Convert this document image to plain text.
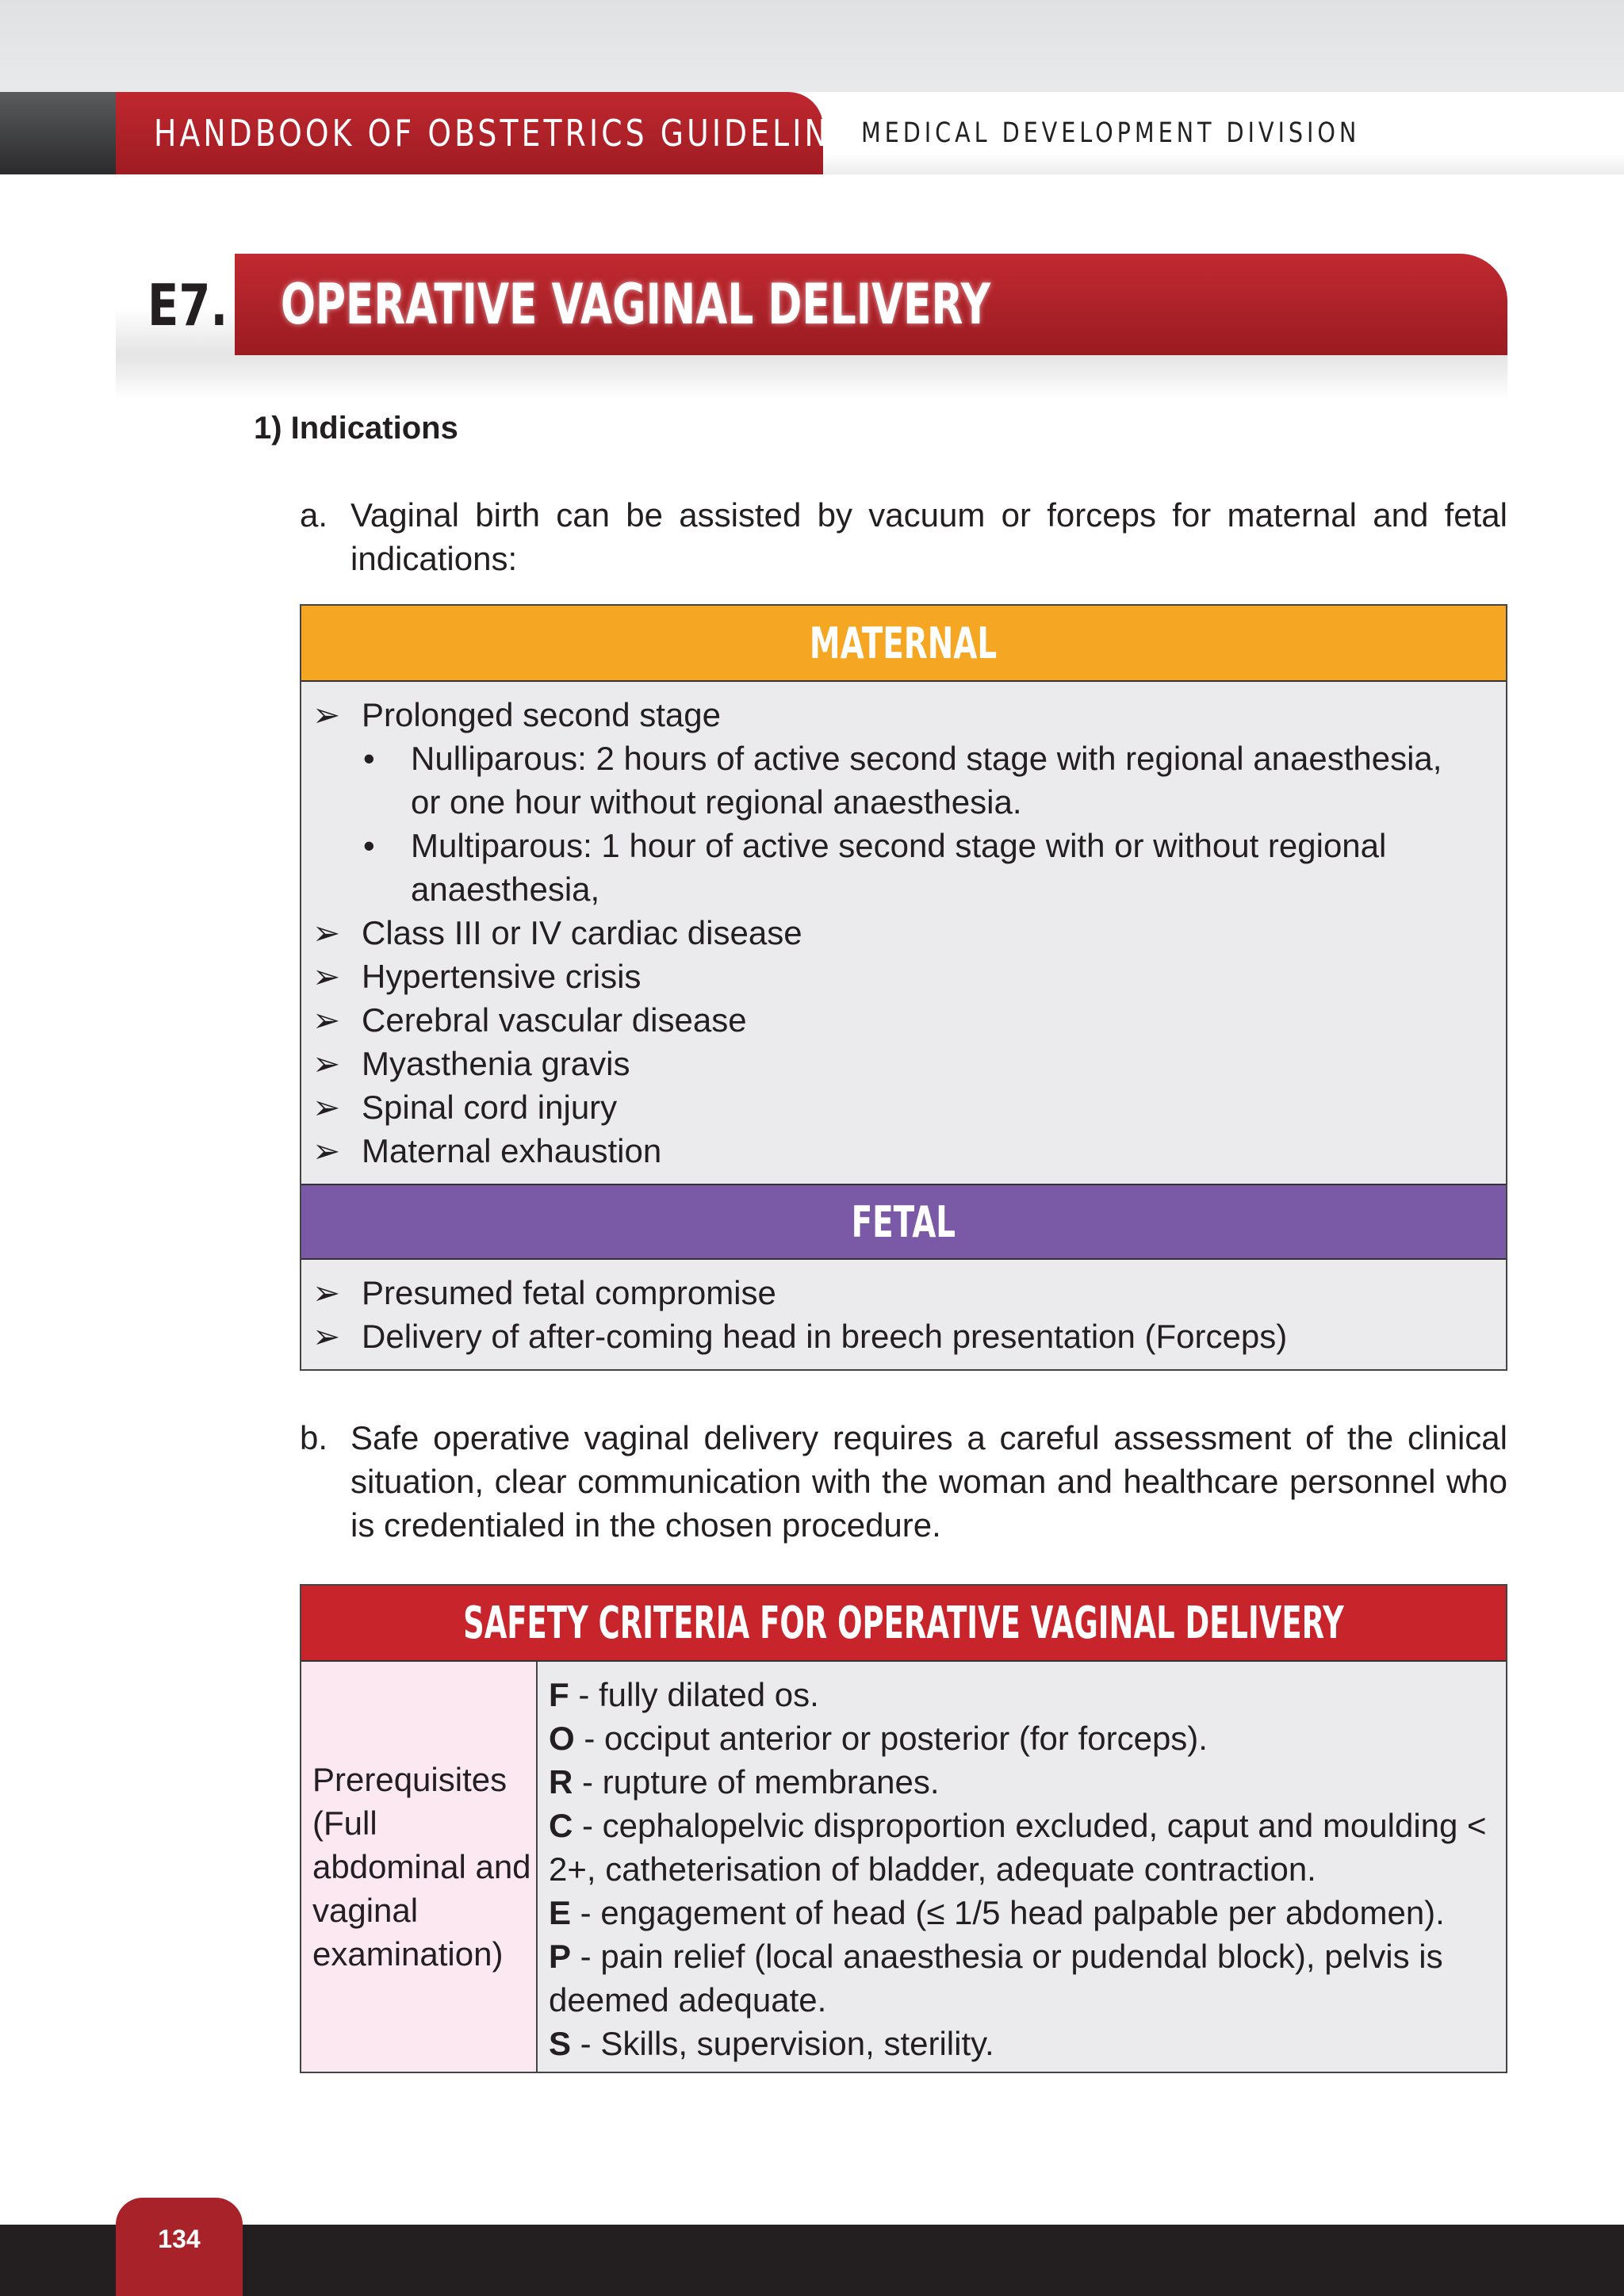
HANDBOOK OF OBSTETRICS GUIDELINE MEDICAL DEVELOPMENT DIVISION
E7. OPERATIVE VAGINAL DELIVERY
1) Indications
a. Vaginal birth can be assisted by vacuum or forceps for maternal and fetal indications:
MATERNAL
➢ Prolonged second stage
• Nulliparous: 2 hours of active second stage with regional anaesthesia, or one hour without regional anaesthesia.
• Multiparous: 1 hour of active second stage with or without regional anaesthesia,
➢ Class III or IV cardiac disease
➢ Hypertensive crisis
➢ Cerebral vascular disease
➢ Myasthenia gravis
➢ Spinal cord injury
➢ Maternal exhaustion
FETAL
➢ Presumed fetal compromise
➢ Delivery of after-coming head in breech presentation (Forceps)
b. Safe operative vaginal delivery requires a careful assessment of the clinical situation, clear communication with the woman and healthcare personnel who is credentialed in the chosen procedure.
SAFETY CRITERIA FOR OPERATIVE VAGINAL DELIVERY
Prerequisites (Full abdominal and vaginal examination)
F - fully dilated os.
O - occiput anterior or posterior (for forceps).
R - rupture of membranes.
C - cephalopelvic disproportion excluded, caput and moulding < 2+, catheterisation of bladder, adequate contraction.
E - engagement of head (≤ 1/5 head palpable per abdomen).
P - pain relief (local anaesthesia or pudendal block), pelvis is deemed adequate.
S - Skills, supervision, sterility.
134
